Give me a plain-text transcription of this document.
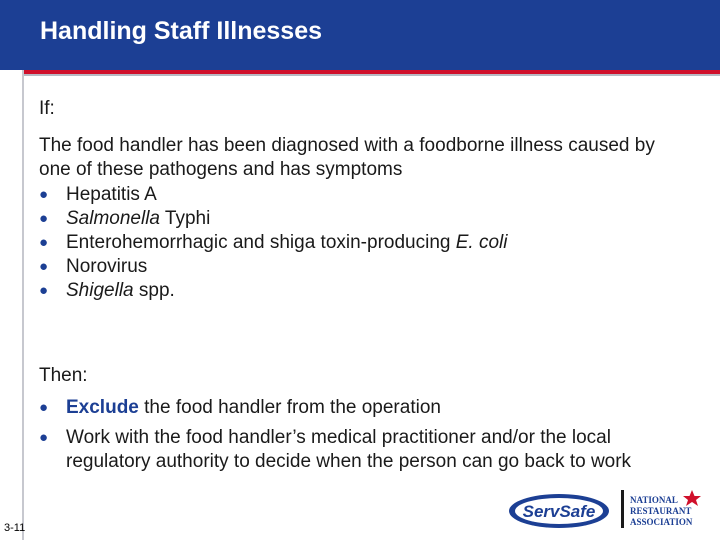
Handling Staff Illnesses
If:
The food handler has been diagnosed with a foodborne illness caused by one of these pathogens and has symptoms
● Hepatitis A
● Salmonella Typhi
● Enterohemorrhagic and shiga toxin-producing E. coli
● Norovirus
● Shigella spp.
Then:
● Exclude the food handler from the operation
● Work with the food handler’s medical practitioner and/or the local regulatory authority to decide when the person can go back to work
3-11
ServSafe
NATIONAL
RESTAURANT
ASSOCIATION
